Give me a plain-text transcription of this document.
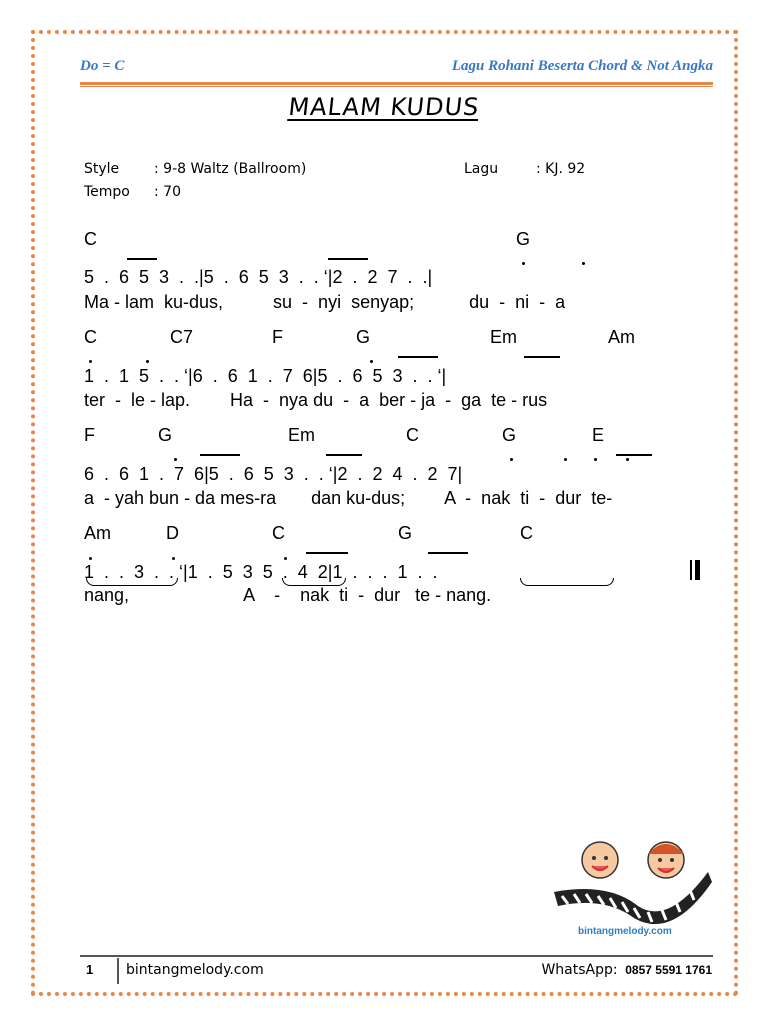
Do = C	Lagu Rohani Beserta Chord & Not Angka
MALAM KUDUS
Style : 9-8 Waltz (Ballroom)
Tempo : 70
Lagu	: KJ. 92
C	G
5  .  6  5  3  .  .|5  .  6  5  3  .  . ‘|2  .  2  7  .  .|
Ma - lam  ku-dus,          su  -  nyi  senyap;           du  -  ni  -  a
C	C7	F	G	Em	Am
1  .  1  5  .  . ‘|6  .  6  1  .  7  6|5  .  6  5  3  .  . ‘|
ter  -  le - lap.        Ha  -  nya du  -  a  ber - ja  -  ga  te - rus
F	G	Em	C	G	E
6  .  6  1  .  7  6|5  .  6  5  3  .  . ‘|2  .  2  4  .  2  7|
a  - yah bun - da mes-ra       dan ku-dus;        A  -  nak  ti  -  dur  te-
Am	D	C	G	C
1  .  .  3  .  . ‘|1  .  5  3  5  .  4  2|1  .  .  .  1  .  .
nang,                       A    -    nak  ti  -  dur   te - nang.
bintangmelody.com
1 bintangmelody.com	WhatsApp: 0857 5591 1761
